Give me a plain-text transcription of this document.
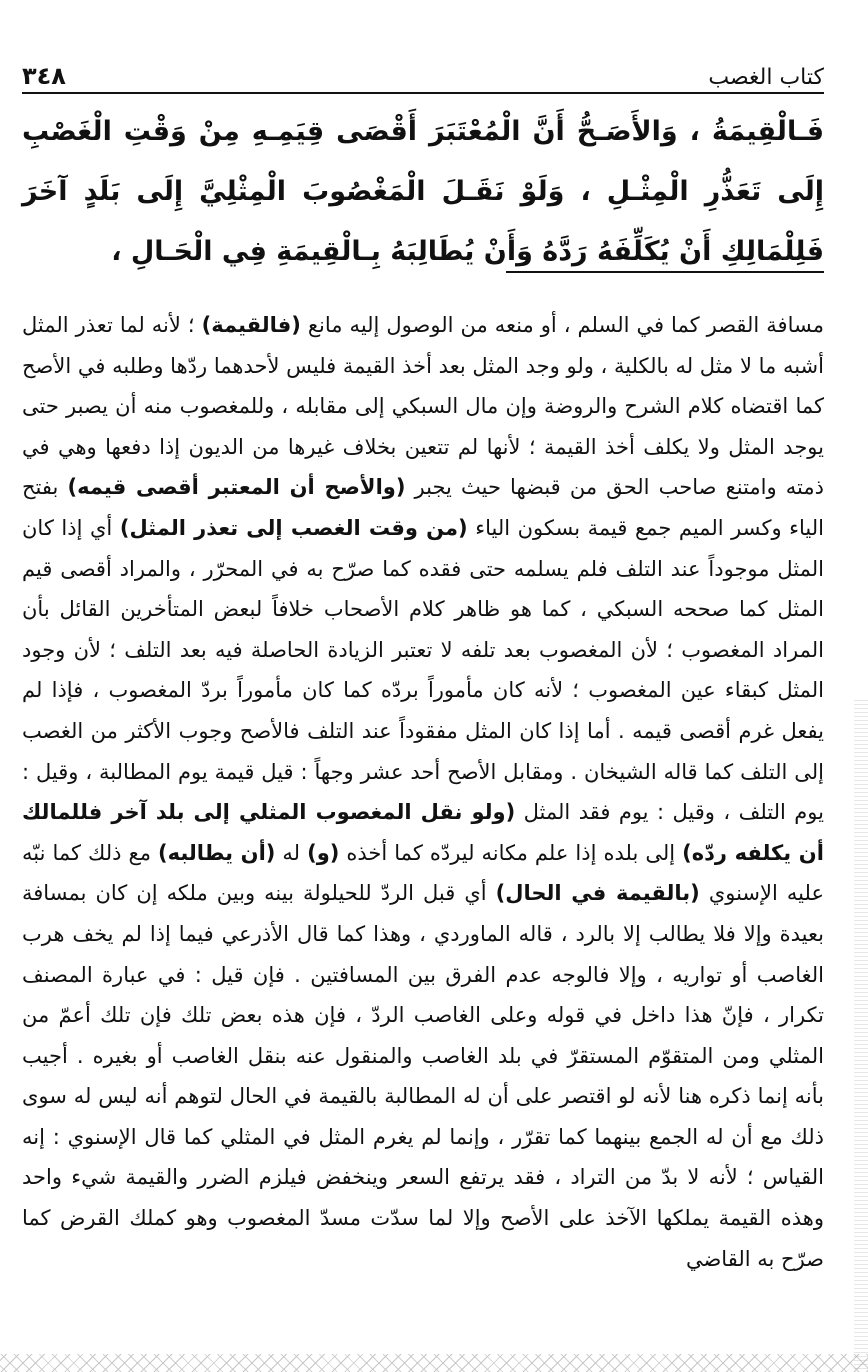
٣٤٨	كتاب الغصب
فَـالْقِيمَةُ ، وَالأَصَـحُّ أَنَّ الْمُعْتَبَرَ أَقْصَى قِيَمِـهِ مِنْ وَقْتِ الْغَصْبِ إِلَى تَعَذُّرِ الْمِثْـلِ ، وَلَوْ نَقَـلَ الْمَغْصُوبَ الْمِثْلِيَّ إِلَى بَلَدٍ آخَرَ فَلِلْمَالِكِ أَنْ يُكَلِّفَهُ رَدَّهُ وَأَنْ يُطَالِبَهُ بِـالْقِيمَةِ فِي الْحَـالِ ،
مسافة القصر كما في السلم ، أو منعه من الوصول إليه مانع (فالقيمة) ؛ لأنه لما تعذر المثل أشبه ما لا مثل له بالكلية ، ولو وجد المثل بعد أخذ القيمة فليس لأحدهما ردّها وطلبه في الأصح كما اقتضاه كلام الشرح والروضة وإن مال السبكي إلى مقابله ، وللمغصوب منه أن يصبر حتى يوجد المثل ولا يكلف أخذ القيمة ؛ لأنها لم تتعين بخلاف غيرها من الديون إذا دفعها وهي في ذمته وامتنع صاحب الحق من قبضها حيث يجبر (والأصح أن المعتبر أقصى قيمه) بفتح الياء وكسر الميم جمع قيمة بسكون الياء (من وقت الغصب إلى تعذر المثل) أي إذا كان المثل موجوداً عند التلف فلم يسلمه حتى فقده كما صرّح به في المحرّر ، والمراد أقصى قيم المثل كما صححه السبكي ، كما هو ظاهر كلام الأصحاب خلافاً لبعض المتأخرين القائل بأن المراد المغصوب ؛ لأن المغصوب بعد تلفه لا تعتبر الزيادة الحاصلة فيه بعد التلف ؛ لأن وجود المثل كبقاء عين المغصوب ؛ لأنه كان مأموراً بردّه كما كان مأموراً بردّ المغصوب ، فإذا لم يفعل غرم أقصى قيمه . أما إذا كان المثل مفقوداً عند التلف فالأصح وجوب الأكثر من الغصب إلى التلف كما قاله الشيخان . ومقابل الأصح أحد عشر وجهاً : قيل قيمة يوم المطالبة ، وقيل : يوم التلف ، وقيل : يوم فقد المثل (ولو نقل المغصوب المثلي إلى بلد آخر فللمالك أن يكلفه ردّه) إلى بلده إذا علم مكانه ليردّه كما أخذه (و) له (أن يطالبه) مع ذلك كما نبّه عليه الإسنوي (بالقيمة في الحال) أي قبل الردّ للحيلولة بينه وبين ملكه إن كان بمسافة بعيدة وإلا فلا يطالب إلا بالرد ، قاله الماوردي ، وهذا كما قال الأذرعي فيما إذا لم يخف هرب الغاصب أو تواريه ، وإلا فالوجه عدم الفرق بين المسافتين . فإن قيل : في عبارة المصنف تكرار ، فإنّ هذا داخل في قوله وعلى الغاصب الردّ ، فإن هذه بعض تلك فإن تلك أعمّ من المثلي ومن المتقوّم المستقرّ في بلد الغاصب والمنقول عنه بنقل الغاصب أو بغيره . أجيب بأنه إنما ذكره هنا لأنه لو اقتصر على أن له المطالبة بالقيمة في الحال لتوهم أنه ليس له سوى ذلك مع أن له الجمع بينهما كما تقرّر ، وإنما لم يغرم المثل في المثلي كما قال الإسنوي : إنه القياس ؛ لأنه لا بدّ من التراد ، فقد يرتفع السعر وينخفض فيلزم الضرر والقيمة شيء واحد وهذه القيمة يملكها الآخذ على الأصح وإلا لما سدّت مسدّ المغصوب وهو كملك القرض كما صرّح به القاضي
